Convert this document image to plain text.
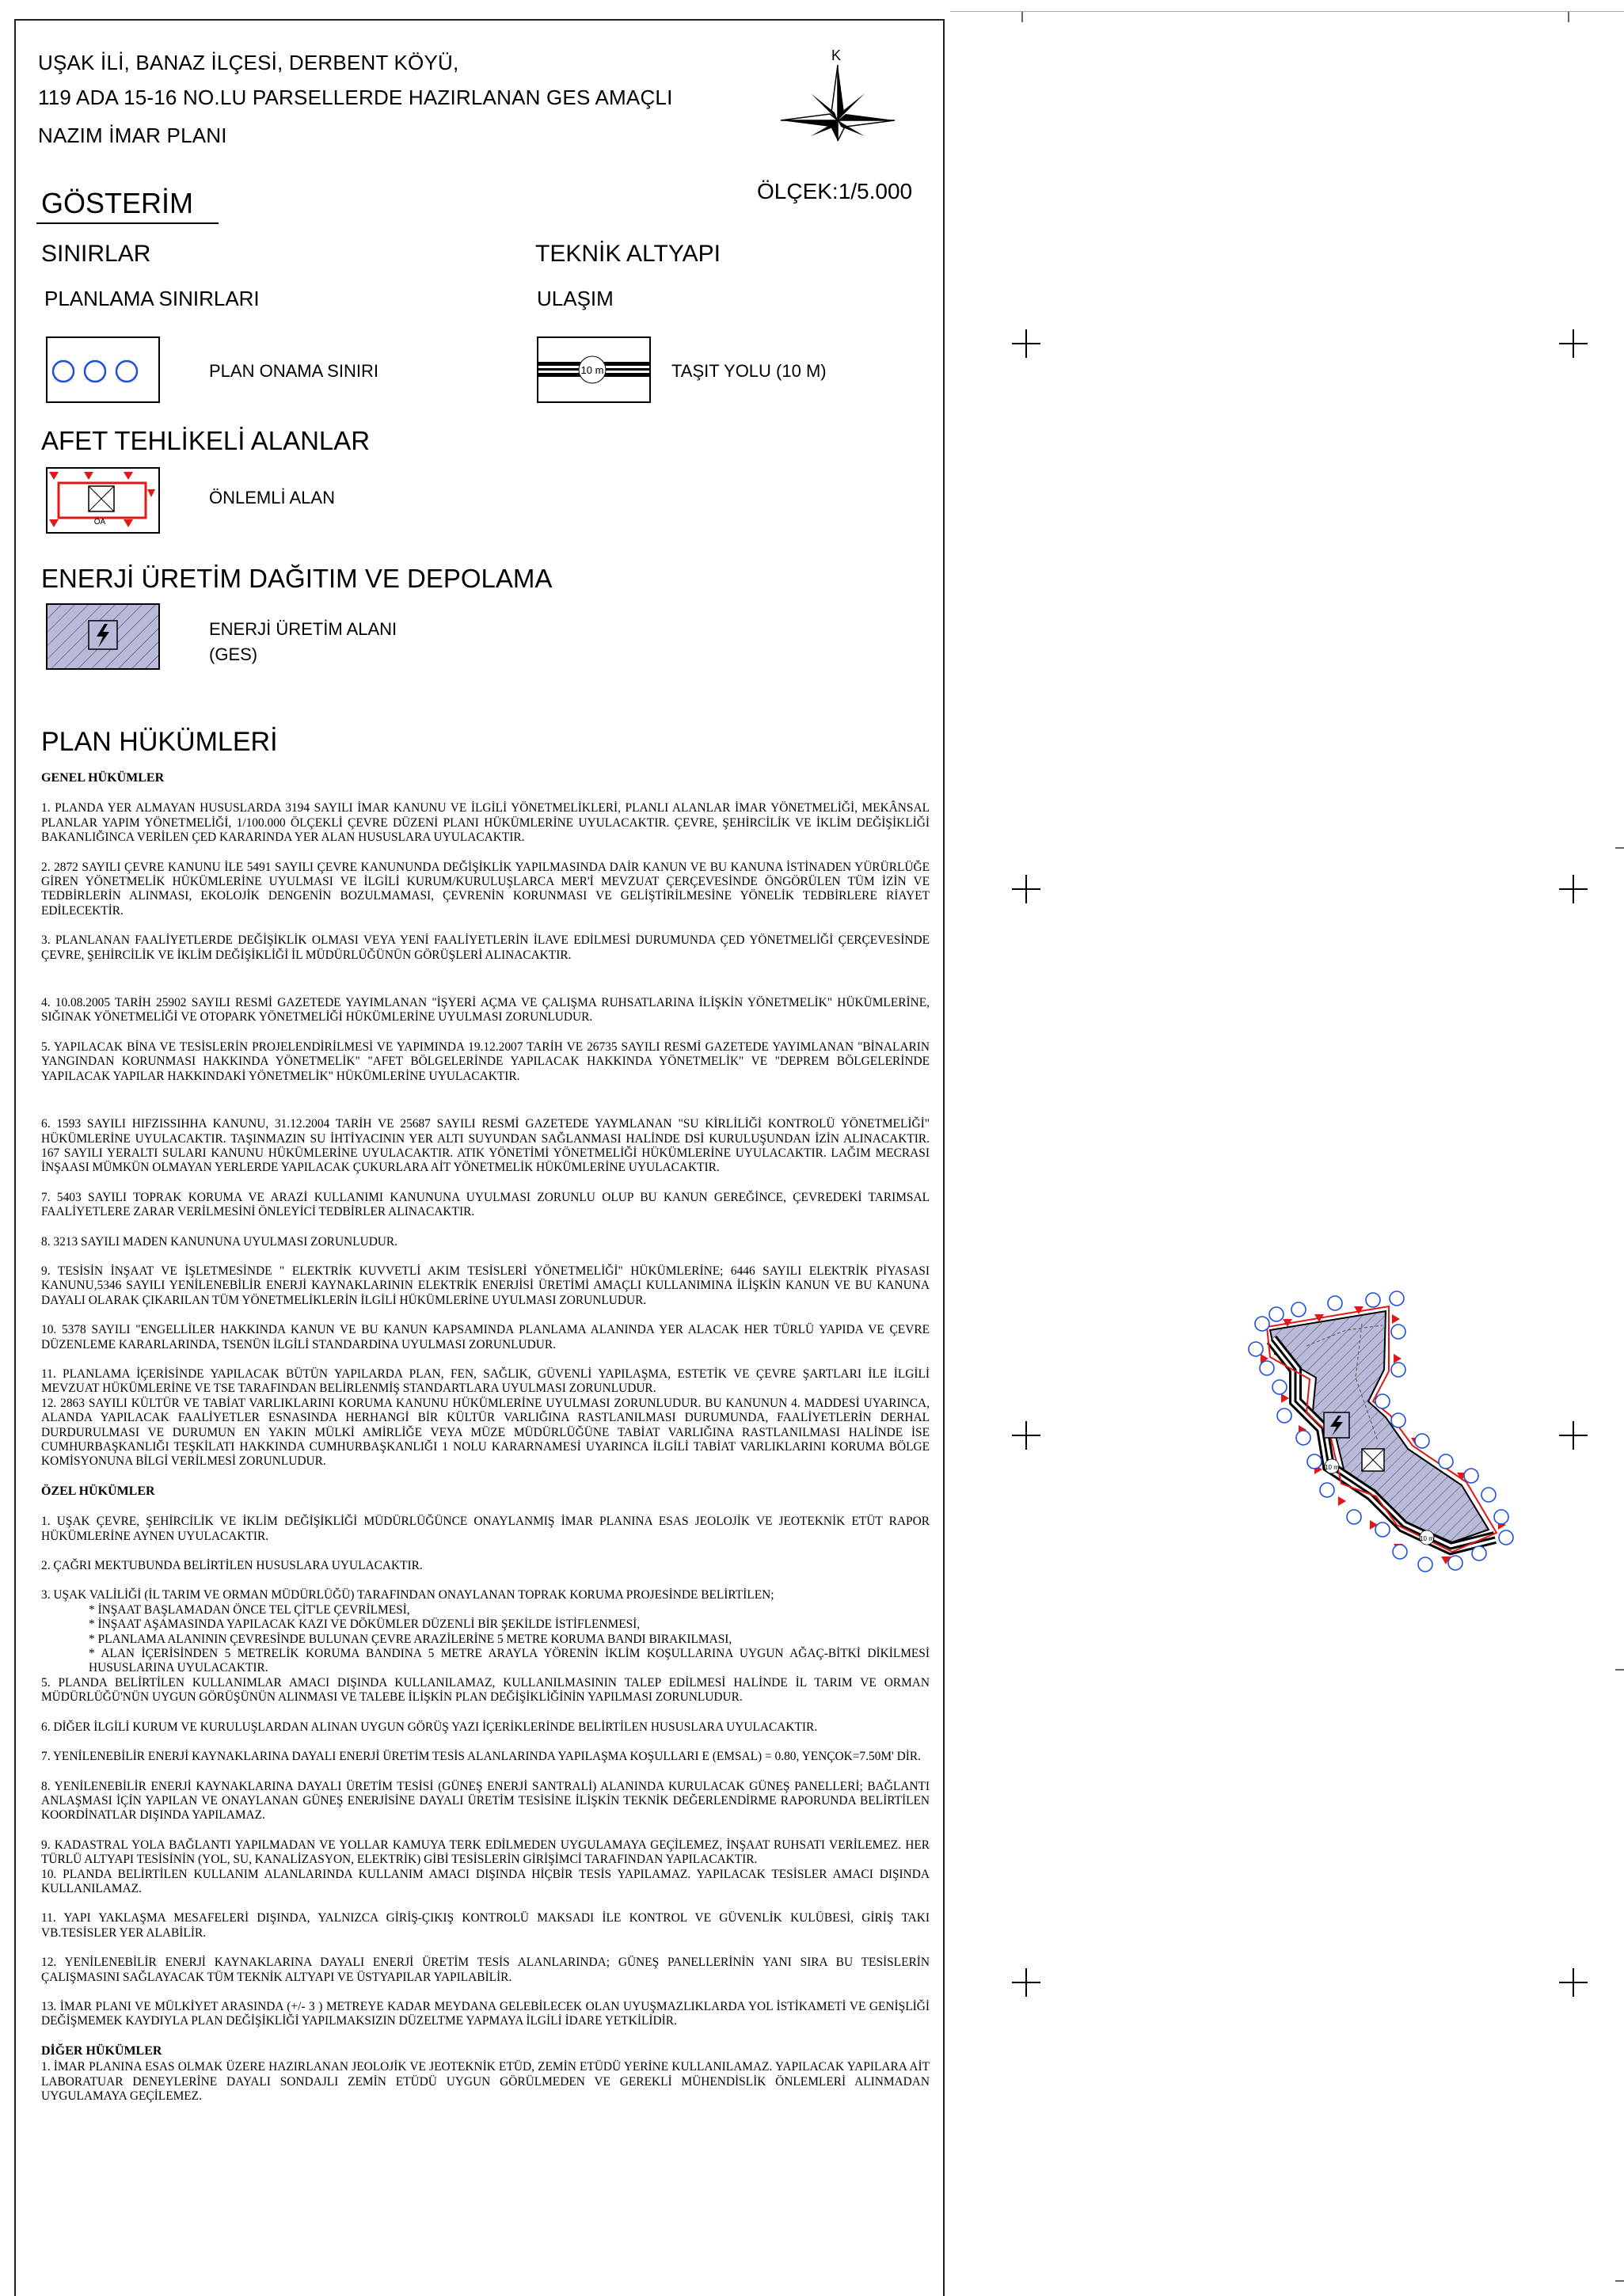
UŞAK İLİ, BANAZ İLÇESİ, DERBENT KÖYÜ,
119 ADA 15-16 NO.LU PARSELLERDE HAZIRLANAN GES AMAÇLI
NAZIM İMAR PLANI
K
ÖLÇEK:1/5.000
GÖSTERİM
SINIRLAR
PLANLAMA SINIRLARI
PLAN ONAMA SINIRI
TEKNİK ALTYAPI
ULAŞIM
10 m	TAŞIT YOLU (10 M)
AFET TEHLİKELİ ALANLAR
ÖA
ÖNLEMLİ ALAN
ENERJİ ÜRETİM DAĞITIM VE DEPOLAMA
ENERJİ ÜRETİM ALANI
(GES)
PLAN HÜKÜMLERİ

GENEL HÜKÜMLER

1. PLANDA YER ALMAYAN HUSUSLARDA 3194 SAYILI İMAR KANUNU VE İLGİLİ YÖNETMELİKLERİ, PLANLI ALANLAR İMAR YÖNETMELİĞİ, MEKÂNSAL PLANLAR YAPIM YÖNETMELİĞİ, 1/100.000 ÖLÇEKLİ ÇEVRE DÜZENİ PLANI HÜKÜMLERİNE UYULACAKTIR. ÇEVRE, ŞEHİRCİLİK VE İKLİM DEĞİŞİKLİĞİ BAKANLIĞINCA VERİLEN ÇED KARARINDA YER ALAN HUSUSLARA UYULACAKTIR.

2. 2872 SAYILI ÇEVRE KANUNU İLE 5491 SAYILI ÇEVRE KANUNUNDA DEĞİŞİKLİK YAPILMASINDA DAİR KANUN VE BU KANUNA İSTİNADEN YÜRÜRLÜĞE GİREN YÖNETMELİK HÜKÜMLERİNE UYULMASI VE İLGİLİ KURUM/KURULUŞLARCA MER'İ MEVZUAT ÇERÇEVESİNDE ÖNGÖRÜLEN TÜM İZİN VE TEDBİRLERİN ALINMASI, EKOLOJİK DENGENİN BOZULMAMASI, ÇEVRENİN KORUNMASI VE GELİŞTİRİLMESİNE YÖNELİK TEDBİRLERE RİAYET EDİLECEKTİR.

3. PLANLANAN FAALİYETLERDE DEĞİŞİKLİK OLMASI VEYA YENİ FAALİYETLERİN İLAVE EDİLMESİ DURUMUNDA ÇED YÖNETMELİĞİ ÇERÇEVESİNDE ÇEVRE, ŞEHİRCİLİK VE İKLİM DEĞİŞİKLİĞİ İL MÜDÜRLÜĞÜNÜN GÖRÜŞLERİ ALINACAKTIR.

4. 10.08.2005 TARİH 25902 SAYILI RESMİ GAZETEDE YAYIMLANAN "İŞYERİ AÇMA VE ÇALIŞMA RUHSATLARINA İLİŞKİN YÖNETMELİK" HÜKÜMLERİNE, SIĞINAK YÖNETMELİĞİ VE OTOPARK YÖNETMELİĞİ HÜKÜMLERİNE UYULMASI ZORUNLUDUR.

5. YAPILACAK BİNA VE TESİSLERİN PROJELENDİRİLMESİ VE YAPIMINDA 19.12.2007 TARİH VE 26735 SAYILI RESMİ GAZETEDE YAYIMLANAN "BİNALARIN YANGINDAN KORUNMASI HAKKINDA YÖNETMELİK" "AFET BÖLGELERİNDE YAPILACAK HAKKINDA YÖNETMELİK" VE "DEPREM BÖLGELERİNDE YAPILACAK YAPILAR HAKKINDAKİ YÖNETMELİK" HÜKÜMLERİNE UYULACAKTIR.

6. 1593 SAYILI HIFZISSIHHA KANUNU, 31.12.2004 TARİH VE 25687 SAYILI RESMİ GAZETEDE YAYMLANAN "SU KİRLİLİĞİ KONTROLÜ YÖNETMELİĞİ" HÜKÜMLERİNE UYULACAKTIR. TAŞINMAZIN SU İHTİYACININ YER ALTI SUYUNDAN SAĞLANMASI HALİNDE DSİ KURULUŞUNDAN İZİN ALINACAKTIR. 167 SAYILI YERALTI SULARI KANUNU HÜKÜMLERİNE UYULACAKTIR. ATIK YÖNETİMİ YÖNETMELİĞİ HÜKÜMLERİNE UYULACAKTIR. LAĞIM MECRASI İNŞAASI MÜMKÜN OLMAYAN YERLERDE YAPILACAK ÇUKURLARA AİT YÖNETMELİK HÜKÜMLERİNE UYULACAKTIR.

7. 5403 SAYILI TOPRAK KORUMA VE ARAZİ KULLANIMI KANUNUNA UYULMASI ZORUNLU OLUP BU KANUN GEREĞİNCE, ÇEVREDEKİ TARIMSAL FAALİYETLERE ZARAR VERİLMESİNİ ÖNLEYİCİ TEDBİRLER ALINACAKTIR.

8. 3213 SAYILI MADEN KANUNUNA UYULMASI ZORUNLUDUR.

9. TESİSİN İNŞAAT VE İŞLETMESİNDE " ELEKTRİK KUVVETLİ AKIM TESİSLERİ YÖNETMELİĞİ" HÜKÜMLERİNE; 6446 SAYILI ELEKTRİK PİYASASI KANUNU,5346 SAYILI YENİLENEBİLİR ENERJİ KAYNAKLARININ ELEKTRİK ENERJİSİ ÜRETİMİ AMAÇLI KULLANIMINA İLİŞKİN KANUN VE BU KANUNA DAYALI OLARAK ÇIKARILAN TÜM YÖNETMELİKLERİN İLGİLİ HÜKÜMLERİNE UYULMASI ZORUNLUDUR.

10. 5378 SAYILI "ENGELLİLER HAKKINDA KANUN VE BU KANUN KAPSAMINDA PLANLAMA ALANINDA YER ALACAK HER TÜRLÜ YAPIDA VE ÇEVRE DÜZENLEME KARARLARINDA, TSENÜN İLGİLİ STANDARDINA UYULMASI ZORUNLUDUR.

11. PLANLAMA İÇERİSİNDE YAPILACAK BÜTÜN YAPILARDA PLAN, FEN, SAĞLIK, GÜVENLİ YAPILAŞMA, ESTETİK VE ÇEVRE ŞARTLARI İLE İLGİLİ MEVZUAT HÜKÜMLERİNE VE TSE TARAFINDAN BELİRLENMİŞ STANDARTLARA UYULMASI ZORUNLUDUR.

12. 2863 SAYILI KÜLTÜR VE TABİAT VARLIKLARINI KORUMA KANUNU HÜKÜMLERİNE UYULMASI ZORUNLUDUR. BU KANUNUN 4. MADDESİ UYARINCA, ALANDA YAPILACAK FAALİYETLER ESNASINDA HERHANGİ BİR KÜLTÜR VARLIĞINA RASTLANILMASI DURUMUNDA, FAALİYETLERİN DERHAL DURDURULMASI VE DURUMUN EN YAKIN MÜLKİ AMİRLİĞE VEYA MÜZE MÜDÜRLÜĞÜNE TABİAT VARLIĞINA RASTLANILMASI HALİNDE İSE CUMHURBAŞKANLIĞI TEŞKİLATI HAKKINDA CUMHURBAŞKANLIĞI 1 NOLU KARARNAMESİ UYARINCA İLGİLİ TABİAT VARLIKLARINI KORUMA BÖLGE KOMİSYONUNA BİLGİ VERİLMESİ ZORUNLUDUR.

ÖZEL HÜKÜMLER

1. UŞAK ÇEVRE, ŞEHİRCİLİK VE İKLİM DEĞİŞİKLİĞİ MÜDÜRLÜĞÜNCE ONAYLANMIŞ İMAR PLANINA ESAS JEOLOJİK VE JEOTEKNİK ETÜT RAPOR HÜKÜMLERİNE AYNEN UYULACAKTIR.

2. ÇAĞRI MEKTUBUNDA BELİRTİLEN HUSUSLARA UYULACAKTIR.

3. UŞAK VALİLİĞİ (İL TARIM VE ORMAN MÜDÜRLÜĞÜ) TARAFINDAN ONAYLANAN TOPRAK KORUMA PROJESİNDE BELİRTİLEN;

* İNŞAAT BAŞLAMADAN ÖNCE TEL ÇİT'LE ÇEVRİLMESİ,

* İNŞAAT AŞAMASINDA YAPILACAK KAZI VE DÖKÜMLER DÜZENLİ BİR ŞEKİLDE İSTİFLENMESİ,

* PLANLAMA ALANININ ÇEVRESİNDE BULUNAN ÇEVRE ARAZİLERİNE 5 METRE KORUMA BANDI BIRAKILMASI,

* ALAN İÇERİSİNDEN 5 METRELİK KORUMA BANDINA 5 METRE ARAYLA YÖRENİN İKLİM KOŞULLARINA UYGUN AĞAÇ-BİTKİ DİKİLMESİ HUSUSLARINA UYULACAKTIR.

5. PLANDA BELİRTİLEN KULLANIMLAR AMACI DIŞINDA KULLANILAMAZ, KULLANILMASININ TALEP EDİLMESİ HALİNDE İL TARIM VE ORMAN MÜDÜRLÜĞÜ'NÜN UYGUN GÖRÜŞÜNÜN ALINMASI VE TALEBE İLİŞKİN PLAN DEĞİŞİKLİĞİNİN YAPILMASI ZORUNLUDUR.

6. DİĞER İLGİLİ KURUM VE KURULUŞLARDAN ALINAN UYGUN GÖRÜŞ YAZI İÇERİKLERİNDE BELİRTİLEN HUSUSLARA UYULACAKTIR.

7. YENİLENEBİLİR ENERJİ KAYNAKLARINA DAYALI ENERJİ ÜRETİM TESİS ALANLARINDA YAPILAŞMA KOŞULLARI E (EMSAL) = 0.80, YENÇOK=7.50M' DİR.

8. YENİLENEBİLİR ENERJİ KAYNAKLARINA DAYALI ÜRETİM TESİSİ (GÜNEŞ ENERJİ SANTRALİ) ALANINDA KURULACAK GÜNEŞ PANELLERİ; BAĞLANTI ANLAŞMASI İÇİN YAPILAN VE ONAYLANAN GÜNEŞ ENERJİSİNE DAYALI ÜRETİM TESİSİNE İLİŞKİN TEKNİK DEĞERLENDİRME RAPORUNDA BELİRTİLEN KOORDİNATLAR DIŞINDA YAPILAMAZ.

9. KADASTRAL YOLA BAĞLANTI YAPILMADAN VE YOLLAR KAMUYA TERK EDİLMEDEN UYGULAMAYA GEÇİLEMEZ, İNŞAAT RUHSATI VERİLEMEZ. HER TÜRLÜ ALTYAPI TESİSİNİN (YOL, SU, KANALİZASYON, ELEKTRİK) GİBİ TESİSLERİN GİRİŞİMCİ TARAFINDAN YAPILACAKTIR.

10. PLANDA BELİRTİLEN KULLANIM ALANLARINDA KULLANIM AMACI DIŞINDA HİÇBİR TESİS YAPILAMAZ. YAPILACAK TESİSLER AMACI DIŞINDA KULLANILAMAZ.

11. YAPI YAKLAŞMA MESAFELERİ DIŞINDA, YALNIZCA GİRİŞ-ÇIKIŞ KONTROLÜ MAKSADI İLE KONTROL VE GÜVENLİK KULÜBESİ, GİRİŞ TAKI VB.TESİSLER YER ALABİLİR.

12. YENİLENEBİLİR ENERJİ KAYNAKLARINA DAYALI ENERJİ ÜRETİM TESİS ALANLARINDA; GÜNEŞ PANELLERİNİN YANI SIRA BU TESİSLERİN ÇALIŞMASINI SAĞLAYACAK TÜM TEKNİK ALTYAPI VE ÜSTYAPILAR YAPILABİLİR.

13. İMAR PLANI VE MÜLKİYET ARASINDA (+/- 3 ) METREYE KADAR MEYDANA GELEBİLECEK OLAN UYUŞMAZLIKLARDA YOL İSTİKAMETİ VE GENİŞLİĞİ DEĞİŞMEMEK KAYDIYLA PLAN DEĞİŞİKLİĞİ YAPILMAKSIZIN DÜZELTME YAPMAYA İLGİLİ İDARE YETKİLİDİR.

DİĞER HÜKÜMLER

1. İMAR PLANINA ESAS OLMAK ÜZERE HAZIRLANAN JEOLOJİK VE JEOTEKNİK ETÜD, ZEMİN ETÜDÜ YERİNE KULLANILAMAZ. YAPILACAK YAPILARA AİT LABORATUAR DENEYLERİNE DAYALI SONDAJLI ZEMİN ETÜDÜ UYGUN GÖRÜLMEDEN VE GEREKLİ MÜHENDİSLİK ÖNLEMLERİ ALINMADAN UYGULAMAYA GEÇİLEMEZ.

10 m
10 m
